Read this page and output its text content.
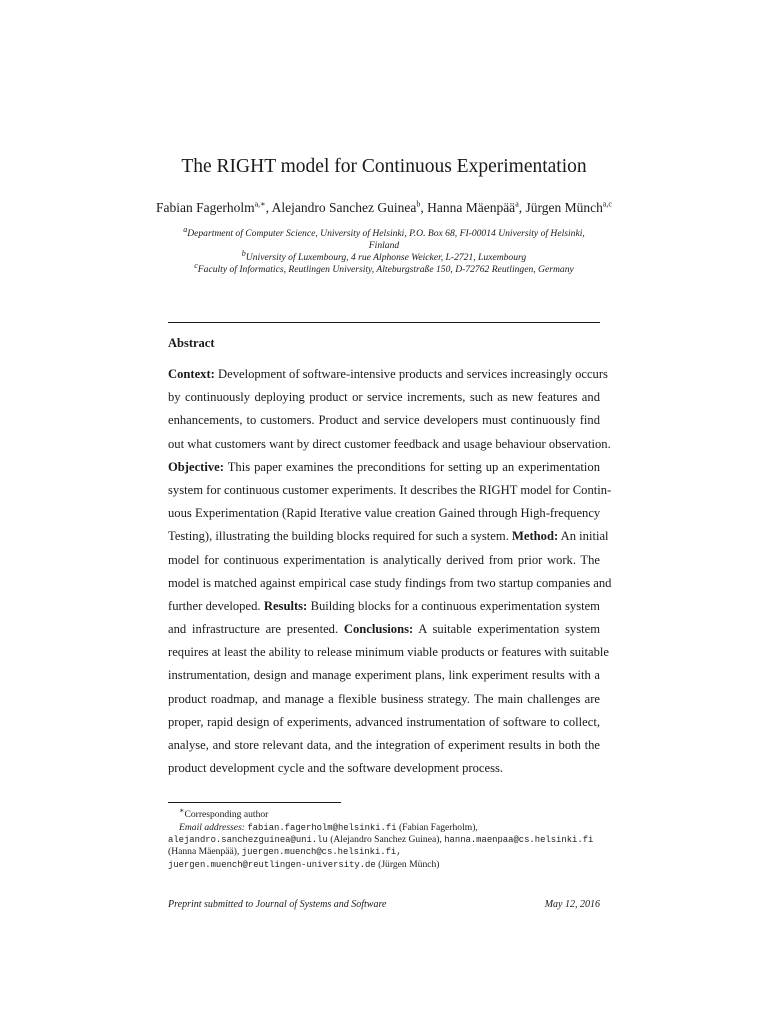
The RIGHT model for Continuous Experimentation
Fabian Fagerholm$^{a,∗}$, Alejandro Sanchez Guinea$^b$, Hanna Mäenpää$^a$, Jürgen Münch$^{a,c}$
$^a$Department of Computer Science, University of Helsinki, P.O. Box 68, FI-00014 University of Helsinki,
Finland
$^b$University of Luxembourg, 4 rue Alphonse Weicker, L-2721, Luxembourg
$^c$Faculty of Informatics, Reutlingen University, Alteburgstraße 150, D-72762 Reutlingen, Germany
Abstract
Context: Development of software-intensive products and services increasingly occurs
by continuously deploying product or service increments, such as new features and
enhancements, to customers. Product and service developers must continuously find
out what customers want by direct customer feedback and usage behaviour observation.
Objective: This paper examines the preconditions for setting up an experimentation
system for continuous customer experiments. It describes the RIGHT model for Contin-
uous Experimentation (Rapid Iterative value creation Gained through High-frequency
Testing), illustrating the building blocks required for such a system. Method: An initial
model for continuous experimentation is analytically derived from prior work. The
model is matched against empirical case study findings from two startup companies and
further developed. Results: Building blocks for a continuous experimentation system
and infrastructure are presented. Conclusions: A suitable experimentation system
requires at least the ability to release minimum viable products or features with suitable
instrumentation, design and manage experiment plans, link experiment results with a
product roadmap, and manage a flexible business strategy. The main challenges are
proper, rapid design of experiments, advanced instrumentation of software to collect,
analyse, and store relevant data, and the integration of experiment results in both the
product development cycle and the software development process.
∗Corresponding author
Email addresses: fabian.fagerholm@helsinki.fi (Fabian Fagerholm),
alejandro.sanchezguinea@uni.lu (Alejandro Sanchez Guinea), hanna.maenpaa@cs.helsinki.fi
(Hanna Mäenpää), juergen.muench@cs.helsinki.fi,
juergen.muench@reutlingen-university.de (Jürgen Münch)
Preprint submitted to Journal of Systems and Software	May 12, 2016
